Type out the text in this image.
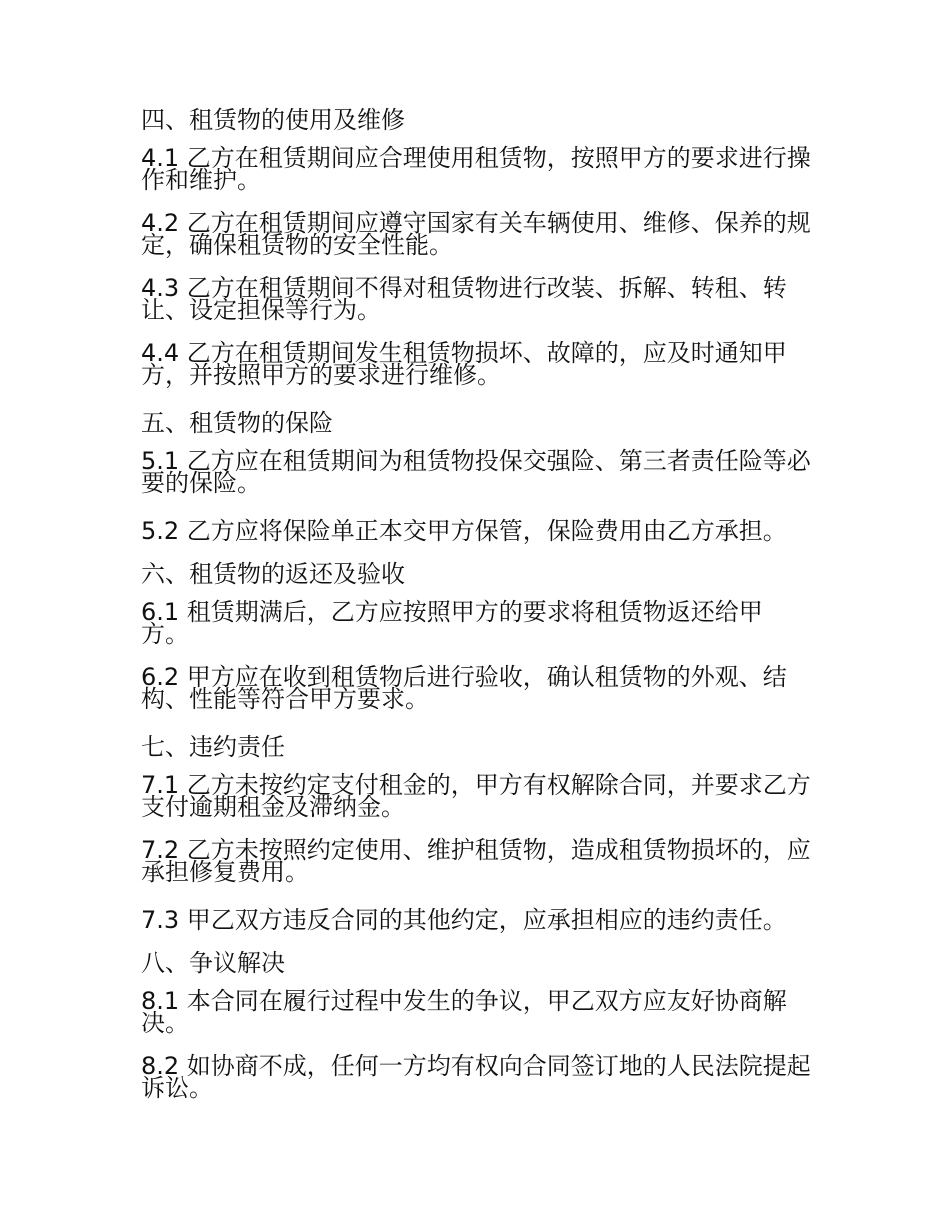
四、租赁物的使用及维修
4.1 乙方在租赁期间应合理使用租赁物，按照甲方的要求进行操作和维护。
4.2 乙方在租赁期间应遵守国家有关车辆使用、维修、保养的规定，确保租赁物的安全性能。
4.3 乙方在租赁期间不得对租赁物进行改装、拆解、转租、转让、设定担保等行为。
4.4 乙方在租赁期间发生租赁物损坏、故障的，应及时通知甲方，并按照甲方的要求进行维修。
五、租赁物的保险
5.1 乙方应在租赁期间为租赁物投保交强险、第三者责任险等必要的保险。
5.2 乙方应将保险单正本交甲方保管，保险费用由乙方承担。
六、租赁物的返还及验收
6.1 租赁期满后，乙方应按照甲方的要求将租赁物返还给甲方。
6.2 甲方应在收到租赁物后进行验收，确认租赁物的外观、结构、性能等符合甲方要求。
七、违约责任
7.1 乙方未按约定支付租金的，甲方有权解除合同，并要求乙方支付逾期租金及滞纳金。
7.2 乙方未按照约定使用、维护租赁物，造成租赁物损坏的，应承担修复费用。
7.3 甲乙双方违反合同的其他约定，应承担相应的违约责任。
八、争议解决
8.1 本合同在履行过程中发生的争议，甲乙双方应友好协商解决。
8.2 如协商不成，任何一方均有权向合同签订地的人民法院提起诉讼。
